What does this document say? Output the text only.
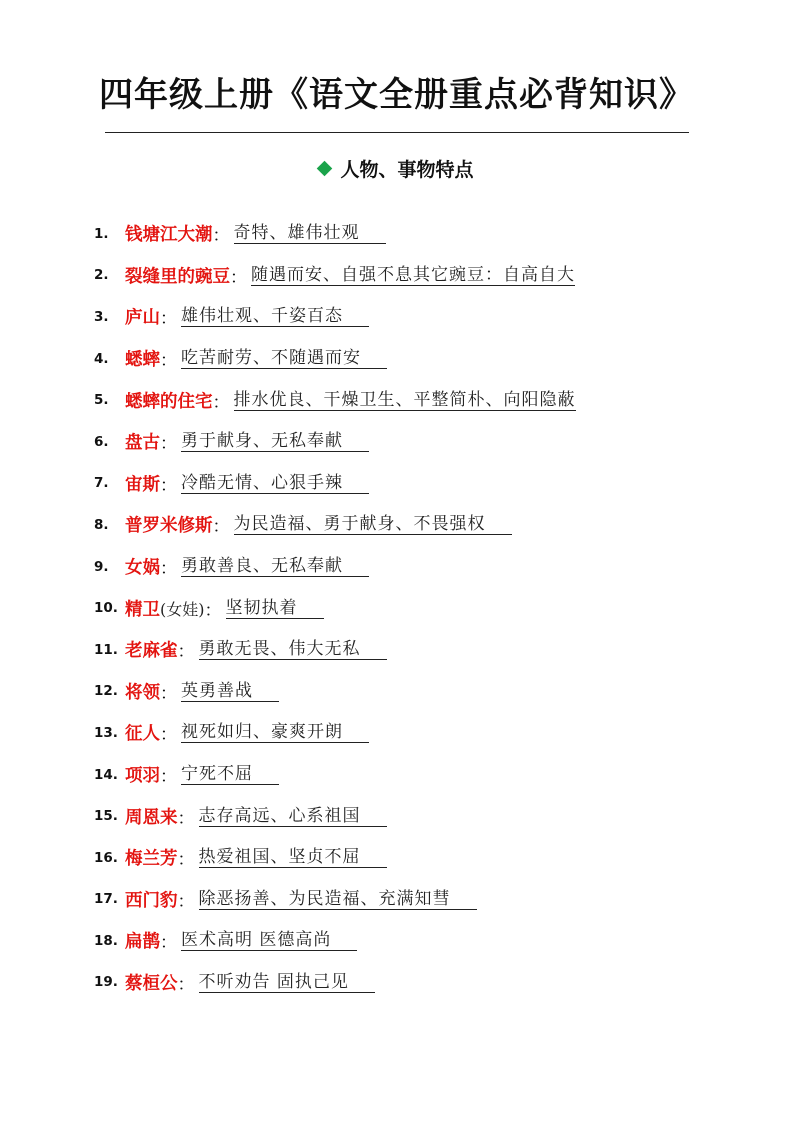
四年级上册《语文全册重点必背知识》
人物、事物特点
1. 钱塘江大潮 ： 奇特、雄伟壮观
2. 裂缝里的豌豆 ： 随遇而安、自强不息其它豌豆：自高自大
3. 庐山 ： 雄伟壮观、千姿百态
4. 蟋蟀 ： 吃苦耐劳、不随遇而安
5. 蟋蟀的住宅 ： 排水优良、干燥卫生、平整简朴、向阳隐蔽
6. 盘古 ： 勇于献身、无私奉献
7. 宙斯 ： 冷酷无情、心狠手辣
8. 普罗米修斯 ： 为民造福、勇于献身、不畏强权
9. 女娲 ： 勇敢善良、无私奉献
10. 精卫 (女娃) ： 坚韧执着
11. 老麻雀 ： 勇敢无畏、伟大无私
12. 将领 ： 英勇善战
13. 征人 ： 视死如归、豪爽开朗
14. 项羽 ： 宁死不屈
15. 周恩来 ： 志存高远、心系祖国
16. 梅兰芳 ： 热爱祖国、坚贞不屈
17. 西门豹 ： 除恶扬善、为民造福、充满知彗
18. 扁鹊 ： 医术高明 医德高尚
19. 蔡桓公 ： 不听劝告 固执己见
